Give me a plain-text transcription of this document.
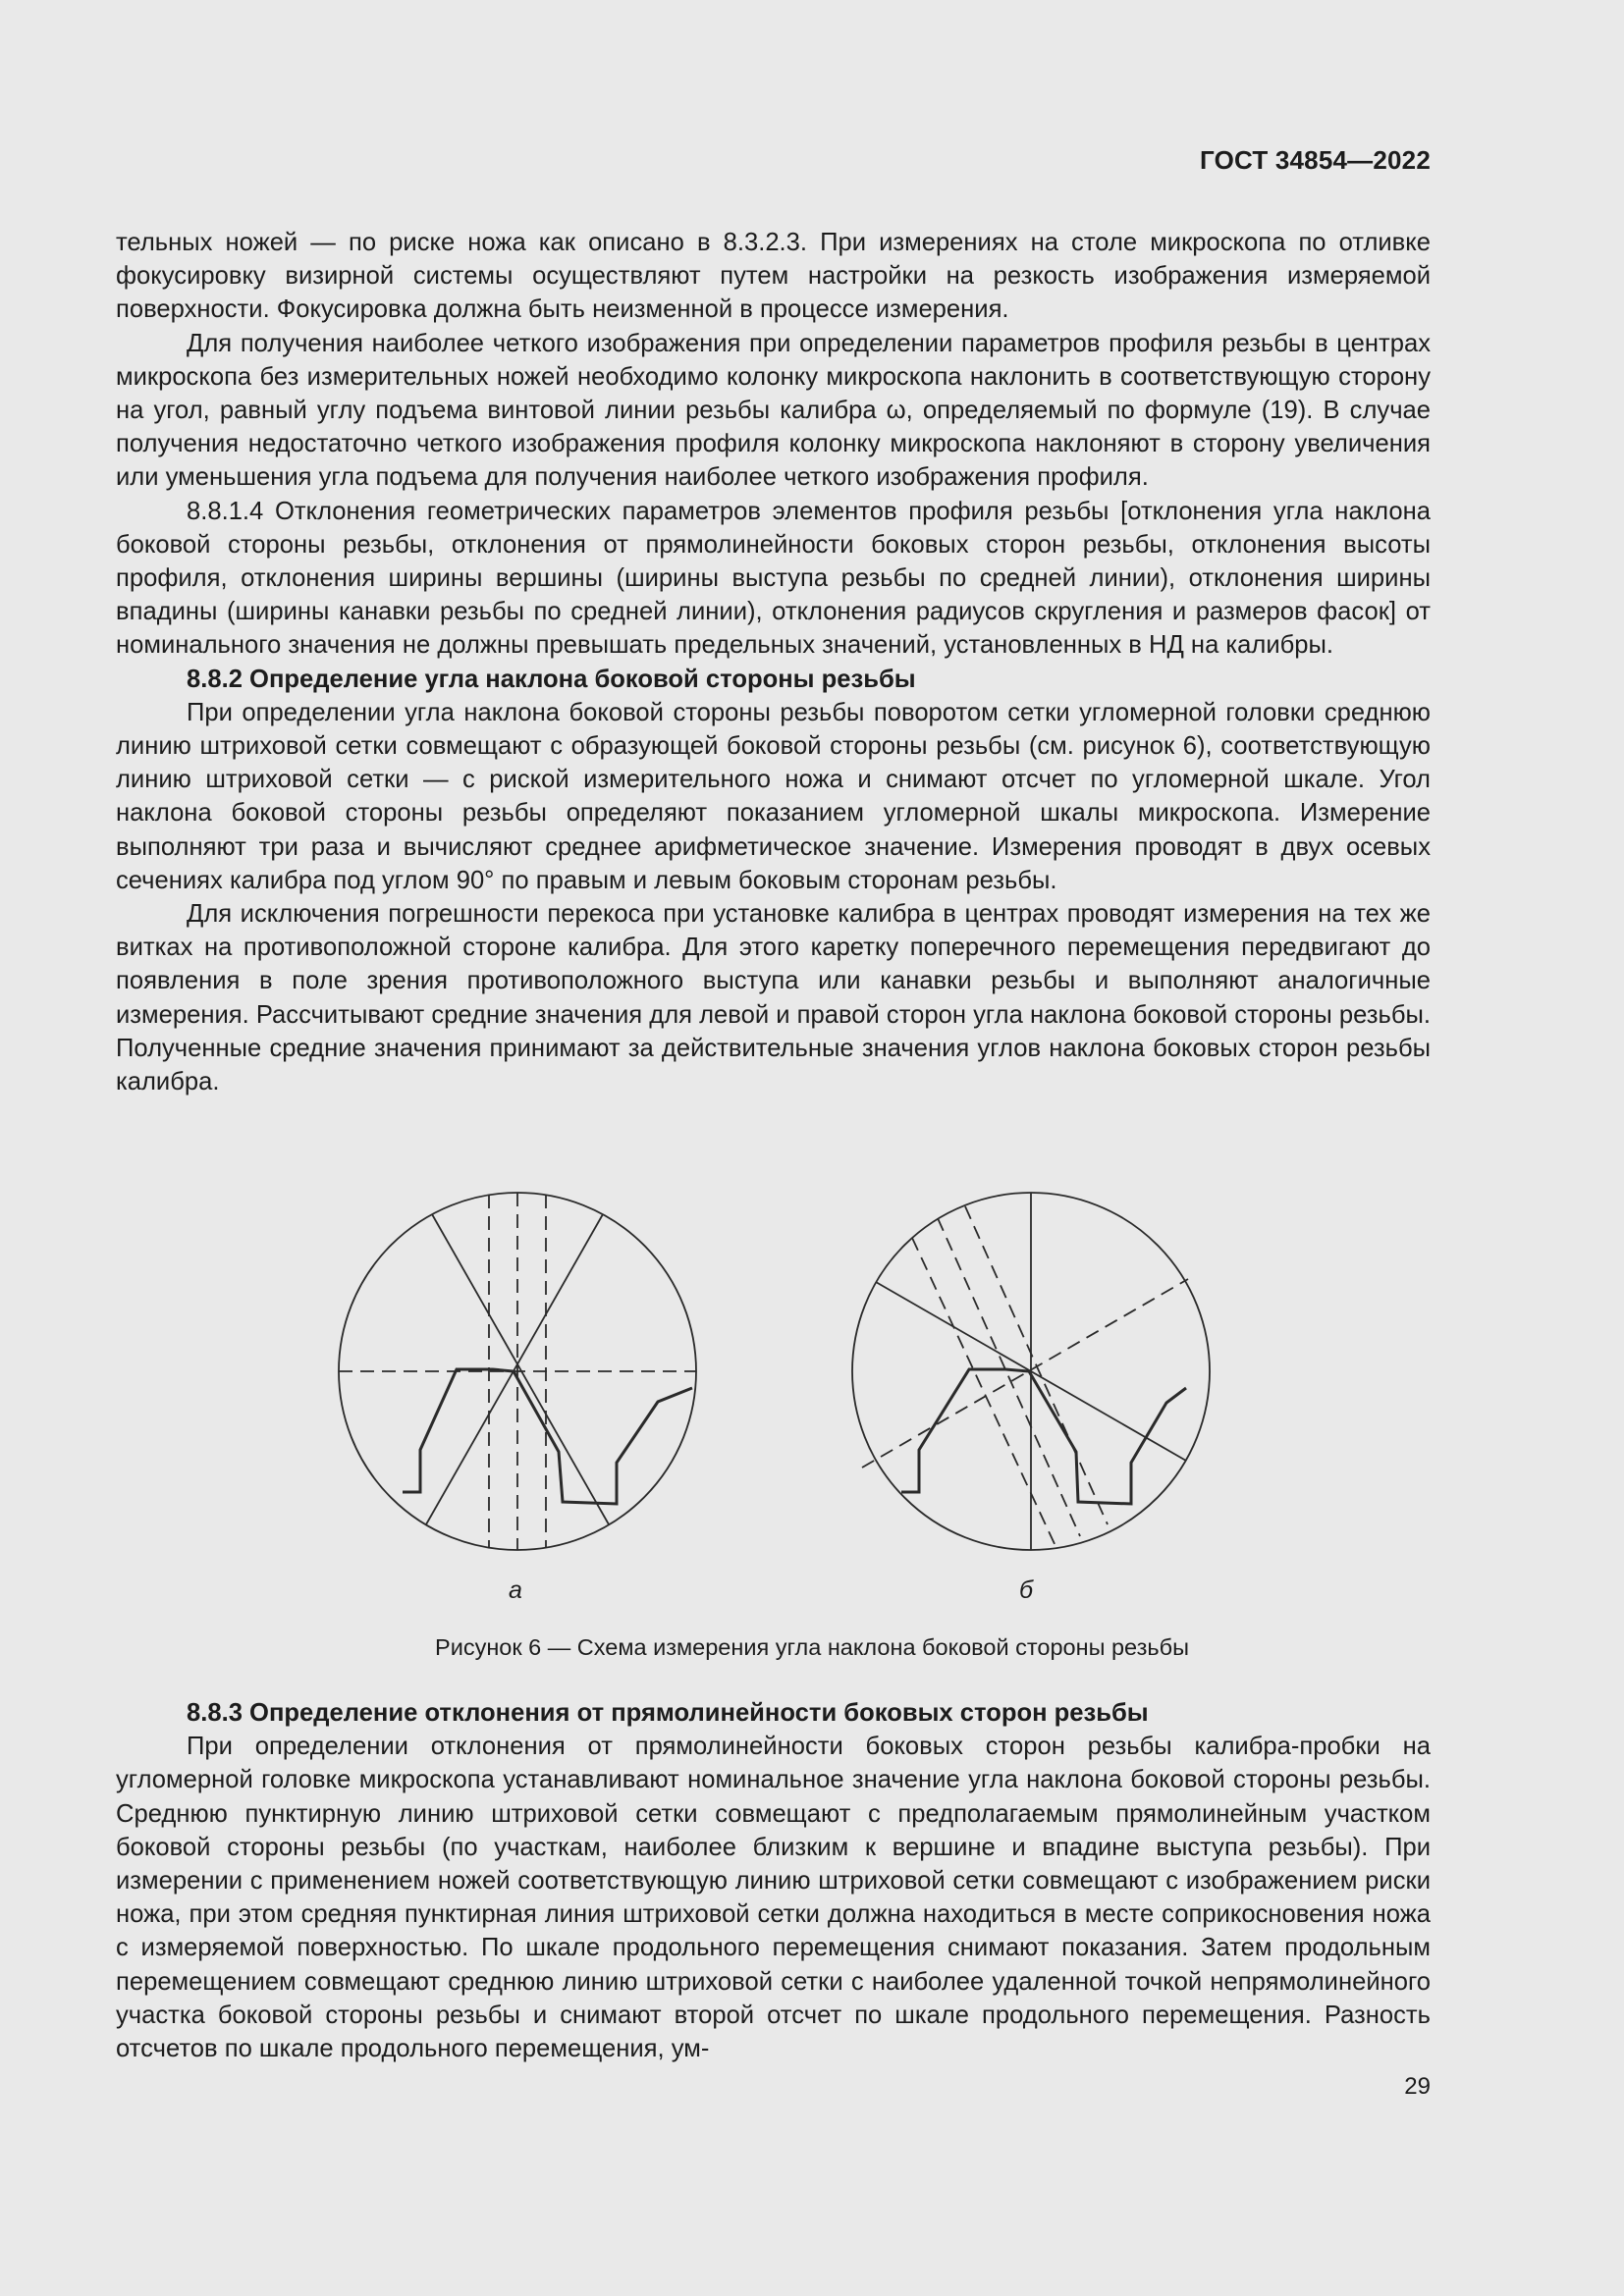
ГОСТ 34854—2022

тельных ножей — по риске ножа как описано в 8.3.2.3. При измерениях на столе микроскопа по отливке фокусировку визирной системы осуществляют путем настройки на резкость изображения измеряемой поверхности. Фокусировка должна быть неизменной в процессе измерения.

Для получения наиболее четкого изображения при определении параметров профиля резьбы в центрах микроскопа без измерительных ножей необходимо колонку микроскопа наклонить в соответствующую сторону на угол, равный углу подъема винтовой линии резьбы калибра ω, определяемый по формуле (19). В случае получения недостаточно четкого изображения профиля колонку микроскопа наклоняют в сторону увеличения или уменьшения угла подъема для получения наиболее четкого изображения профиля.

8.8.1.4 Отклонения геометрических параметров элементов профиля резьбы [отклонения угла наклона боковой стороны резьбы, отклонения от прямолинейности боковых сторон резьбы, отклонения высоты профиля, отклонения ширины вершины (ширины выступа резьбы по средней линии), отклонения ширины впадины (ширины канавки резьбы по средней линии), отклонения радиусов скругления и размеров фасок] от номинального значения не должны превышать предельных значений, установленных в НД на калибры.

8.8.2 Определение угла наклона боковой стороны резьбы

При определении угла наклона боковой стороны резьбы поворотом сетки угломерной головки среднюю линию штриховой сетки совмещают с образующей боковой стороны резьбы (см. рисунок 6), соответствующую линию штриховой сетки — с риской измерительного ножа и снимают отсчет по угломерной шкале. Угол наклона боковой стороны резьбы определяют показанием угломерной шкалы микроскопа. Измерение выполняют три раза и вычисляют среднее арифметическое значение. Измерения проводят в двух осевых сечениях калибра под углом 90° по правым и левым боковым сторонам резьбы.

Для исключения погрешности перекоса при установке калибра в центрах проводят измерения на тех же витках на противоположной стороне калибра. Для этого каретку поперечного перемещения передвигают до появления в поле зрения противоположного выступа или канавки резьбы и выполняют аналогичные измерения. Рассчитывают средние значения для левой и правой сторон угла наклона боковой стороны резьбы. Полученные средние значения принимают за действительные значения углов наклона боковых сторон резьбы калибра.

а	б
Рисунок 6 — Схема измерения угла наклона боковой стороны резьбы

8.8.3 Определение отклонения от прямолинейности боковых сторон резьбы

При определении отклонения от прямолинейности боковых сторон резьбы калибра-пробки на угломерной головке микроскопа устанавливают номинальное значение угла наклона боковой стороны резьбы. Среднюю пунктирную линию штриховой сетки совмещают с предполагаемым прямолинейным участком боковой стороны резьбы (по участкам, наиболее близким к вершине и впадине выступа резьбы). При измерении с применением ножей соответствующую линию штриховой сетки совмещают с изображением риски ножа, при этом средняя пунктирная линия штриховой сетки должна находиться в месте соприкосновения ножа с измеряемой поверхностью. По шкале продольного перемещения снимают показания. Затем продольным перемещением совмещают среднюю линию штриховой сетки с наиболее удаленной точкой непрямолинейного участка боковой стороны резьбы и снимают второй отсчет по шкале продольного перемещения. Разность отсчетов по шкале продольного перемещения, ум-

29
